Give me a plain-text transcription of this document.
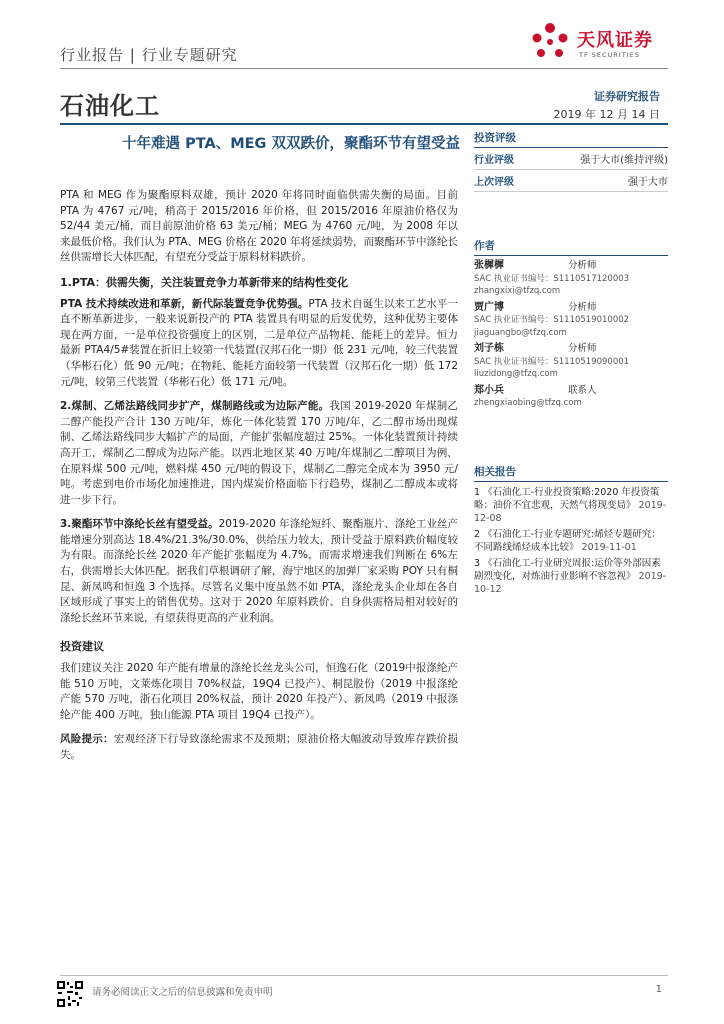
行业报告 | 行业专题研究
天风证券
TF SECURITIES
石油化工	证券研究报告
2019 年 12 月 14 日
十年难遇 PTA、MEG 双双跌价，聚酯环节有望受益

PTA 和 MEG 作为聚酯原料双雄，预计 2020 年将同时面临供需失衡的局面。目前 PTA 为 4767 元/吨，稍高于 2015/2016 年价格，但 2015/2016 年原油价格仅为 52/44 美元/桶，而目前原油价格 63 美元/桶；MEG 为 4760 元/吨，为 2008 年以来最低价格。我们认为 PTA、MEG 价格在 2020 年将延续弱势，而聚酯环节中涤纶长丝供需增长大体匹配，有望充分受益于原料材料跌价。

1.PTA：供需失衡，关注装置竞争力革新带来的结构性变化

PTA 技术持续改进和革新，新代际装置竞争优势强。PTA 技术自诞生以来工艺水平一直不断革新进步，一般来说新投产的 PTA 装置具有明显的后发优势，这种优势主要体现在两方面，一是单位投资强度上的区别，二是单位产品物耗、能耗上的差异。恒力最新 PTA4/5#装置在折旧上较第一代装置(汉邦石化一期）低 231 元/吨，较三代装置（华彬石化）低 90 元/吨；在物耗、能耗方面较第一代装置（汉邦石化一期）低 172 元/吨，较第三代装置（华彬石化）低 171 元/吨。

2.煤制、乙烯法路线同步扩产，煤制路线或为边际产能。我国 2019-2020 年煤制乙二醇产能投产合计 130 万吨/年，炼化一体化装置 170 万吨/年，乙二醇市场出现煤制、乙烯法路线同步大幅扩产的局面，产能扩张幅度超过 25%。一体化装置预计持续高开工，煤制乙二醇成为边际产能。以西北地区某 40 万吨/年煤制乙二醇项目为例，在原料煤 500 元/吨，燃料煤 450 元/吨的假设下，煤制乙二醇完全成本为 3950 元/吨。考虑到电价市场化加速推进，国内煤炭价格面临下行趋势，煤制乙二醇成本或将进一步下行。

3.聚酯环节中涤纶长丝有望受益。2019-2020 年涤纶短纤、聚酯瓶片、涤纶工业丝产能增速分别高达 18.4%/21.3%/30.0%，供给压力较大，预计受益于原料跌价幅度较为有限。而涤纶长丝 2020 年产能扩张幅度为 4.7%，而需求增速我们判断在 6%左右，供需增长大体匹配。据我们草根调研了解，海宁地区的加弹厂家采购 POY 只有桐昆、新凤鸣和恒逸 3 个选择。尽管名义集中度虽然不如 PTA，涤纶龙头企业却在各自区域形成了事实上的销售优势。这对于 2020 年原料跌价、自身供需格局相对较好的涤纶长丝环节来说，有望获得更高的产业利润。

投资建议

我们建议关注 2020 年产能有增量的涤纶长丝龙头公司，恒逸石化（2019中报涤纶产能 510 万吨，文莱炼化项目 70%权益，19Q4 已投产）、桐昆股份（2019 中报涤纶产能 570 万吨，浙石化项目 20%权益，预计 2020 年投产）、新凤鸣（2019 中报涤纶产能 400 万吨，独山能源 PTA 项目 19Q4 已投产）。

风险提示：宏观经济下行导致涤纶需求不及预期；原油价格大幅波动导致库存跌价损失。

投资评级
行业评级	强于大市(维持评级)
上次评级	强于大市
作者
张樨樨	分析师
SAC 执业证书编号：S1110517120003
zhangxixi@tfzq.com
贾广博	分析师
SAC 执业证书编号：S1110519010002
jiaguangbo@tfzq.com
刘子栋	分析师
SAC 执业证书编号：S1110519090001
liuzidong@tfzq.com
郑小兵	联系人
zhengxiaobing@tfzq.com
相关报告
1 《石油化工-行业投资策略:2020 年投资策略：油价不宜悲观，天然气将现变局》 2019-12-08
2 《石油化工-行业专题研究:烯烃专题研究：不同路线烯烃成本比较》 2019-11-01
3 《石油化工-行业研究周报:运价等外部因素剧烈变化，对炼油行业影响不容忽视》 2019-10-12
请务必阅读正文之后的信息披露和免责申明	1
